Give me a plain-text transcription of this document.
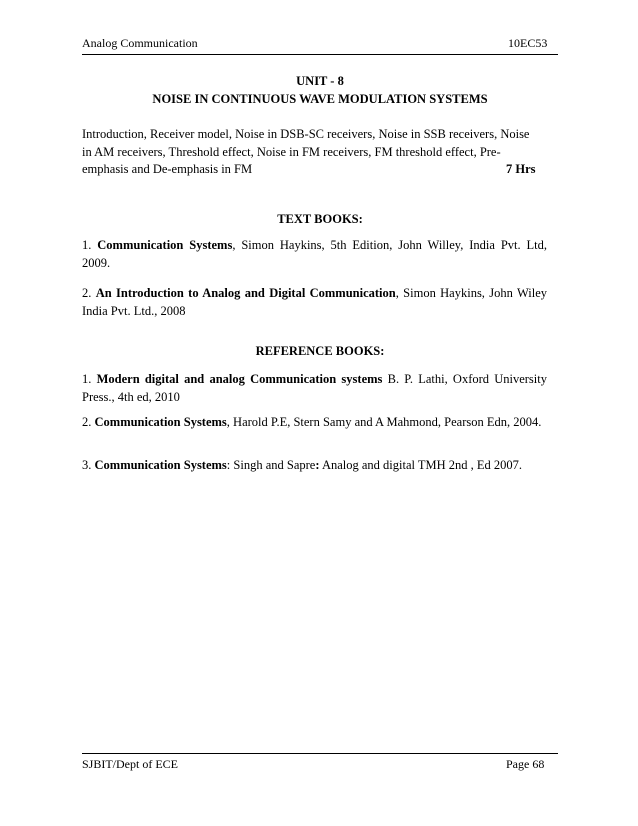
Analog Communication	10EC53
UNIT - 8
NOISE IN CONTINUOUS WAVE MODULATION SYSTEMS
Introduction, Receiver model, Noise in DSB-SC receivers, Noise in SSB receivers, Noise
in AM receivers, Threshold effect, Noise in FM receivers, FM threshold effect, Pre-
emphasis and De-emphasis in FM	7 Hrs
TEXT BOOKS:
1. Communication Systems, Simon Haykins, 5th Edition, John Willey, India Pvt. Ltd, 2009.
2. An Introduction to Analog and Digital Communication, Simon Haykins, John Wiley India Pvt. Ltd., 2008
REFERENCE BOOKS:
1. Modern digital and analog Communication systems B. P. Lathi, Oxford University Press., 4th ed, 2010
2. Communication Systems, Harold P.E, Stern Samy and A Mahmond, Pearson Edn, 2004.
3. Communication Systems: Singh and Sapre: Analog and digital TMH 2nd , Ed 2007.
SJBIT/Dept of ECE	Page 68
